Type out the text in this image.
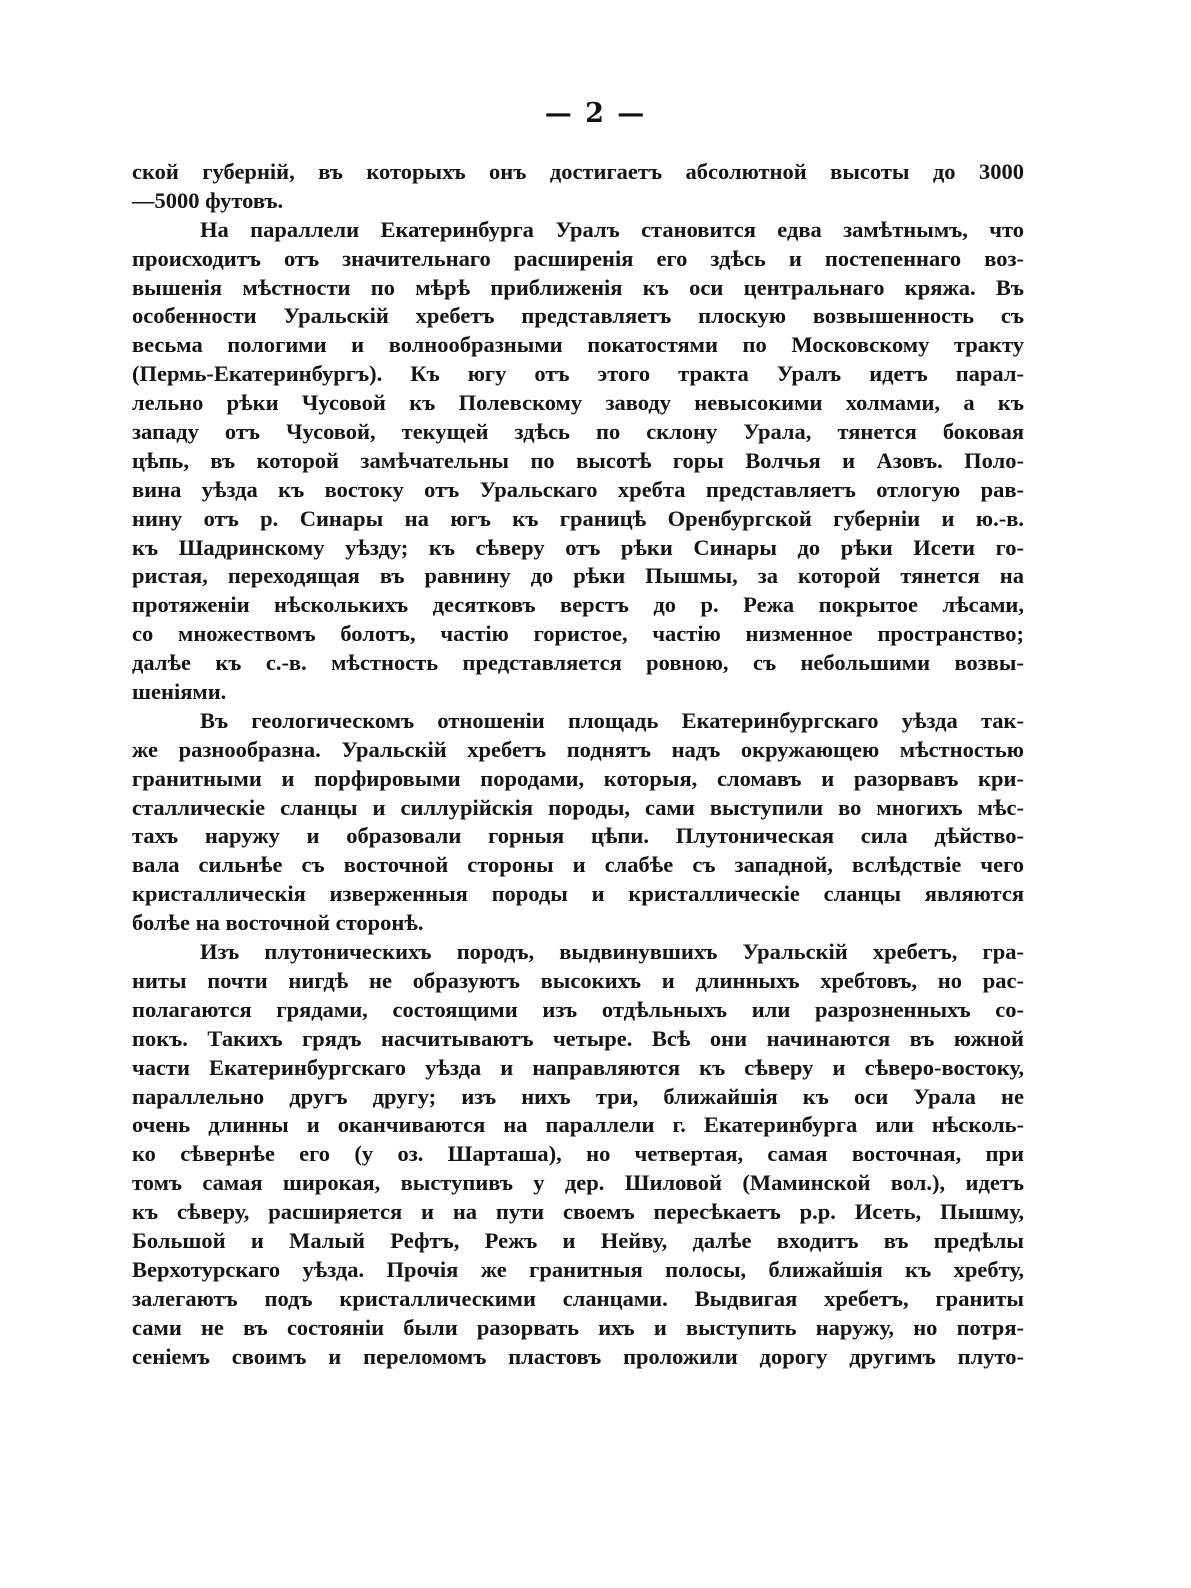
— 2 —
ской губерній, въ которыхъ онъ достигаетъ абсолютной высоты до 3000
—5000 футовъ.
На параллели Екатеринбурга Уралъ становится едва замѣтнымъ, что
происходитъ отъ значительнаго расширенія его здѣсь и постепеннаго воз-
вышенія мѣстности по мѣрѣ приближенія къ оси центральнаго кряжа. Въ
особенности Уральскій хребетъ представляетъ плоскую возвышенность съ
весьма пологими и волнообразными покатостями по Московскому тракту
(Пермь-Екатеринбургъ). Къ югу отъ этого тракта Уралъ идетъ парал-
лельно рѣки Чусовой къ Полевскому заводу невысокими холмами, а къ
западу отъ Чусовой, текущей здѣсь по склону Урала, тянется боковая
цѣпь, въ которой замѣчательны по высотѣ горы Волчья и Азовъ. Поло-
вина уѣзда къ востоку отъ Уральскаго хребта представляетъ отлогую рав-
нину отъ р. Синары на югъ къ границѣ Оренбургской губерніи и ю.-в.
къ Шадринскому уѣзду; къ сѣверу отъ рѣки Синары до рѣки Исети го-
ристая, переходящая въ равнину до рѣки Пышмы, за которой тянется на
протяженіи нѣсколькихъ десятковъ верстъ до р. Режа покрытое лѣсами,
со множествомъ болотъ, частію гористое, частію низменное пространство;
далѣе къ с.-в. мѣстность представляется ровною, съ небольшими возвы-
шеніями.
Въ геологическомъ отношеніи площадь Екатеринбургскаго уѣзда так-
же разнообразна. Уральскій хребетъ поднятъ надъ окружающею мѣстностью
гранитными и порфировыми породами, которыя, сломавъ и разорвавъ кри-
сталлическіе сланцы и силлурійскія породы, сами выступили во многихъ мѣс-
тахъ наружу и образовали горныя цѣпи. Плутоническая сила дѣйство-
вала сильнѣе съ восточной стороны и слабѣе съ западной, вслѣдствіе чего
кристаллическія изверженныя породы и кристаллическіе сланцы являются
болѣе на восточной сторонѣ.
Изъ плутоническихъ породъ, выдвинувшихъ Уральскій хребетъ, гра-
ниты почти нигдѣ не образуютъ высокихъ и длинныхъ хребтовъ, но рас-
полагаются грядами, состоящими изъ отдѣльныхъ или разрозненныхъ со-
покъ. Такихъ грядъ насчитываютъ четыре. Всѣ они начинаются въ южной
части Екатеринбургскаго уѣзда и направляются къ сѣверу и сѣверо-востоку,
параллельно другъ другу; изъ нихъ три, ближайшія къ оси Урала не
очень длинны и оканчиваются на параллели г. Екатеринбурга или нѣсколь-
ко сѣвернѣе его (у оз. Шарташа), но четвертая, самая восточная, при
томъ самая широкая, выступивъ у дер. Шиловой (Маминской вол.), идетъ
къ сѣверу, расширяется и на пути своемъ пересѣкаетъ р.р. Исеть, Пышму,
Большой и Малый Рефтъ, Режъ и Нейву, далѣе входитъ въ предѣлы
Верхотурскаго уѣзда. Прочія же гранитныя полосы, ближайшія къ хребту,
залегаютъ подъ кристаллическими сланцами. Выдвигая хребетъ, граниты
сами не въ состояніи были разорвать ихъ и выступить наружу, но потря-
сеніемъ своимъ и переломомъ пластовъ проложили дорогу другимъ плуто-
